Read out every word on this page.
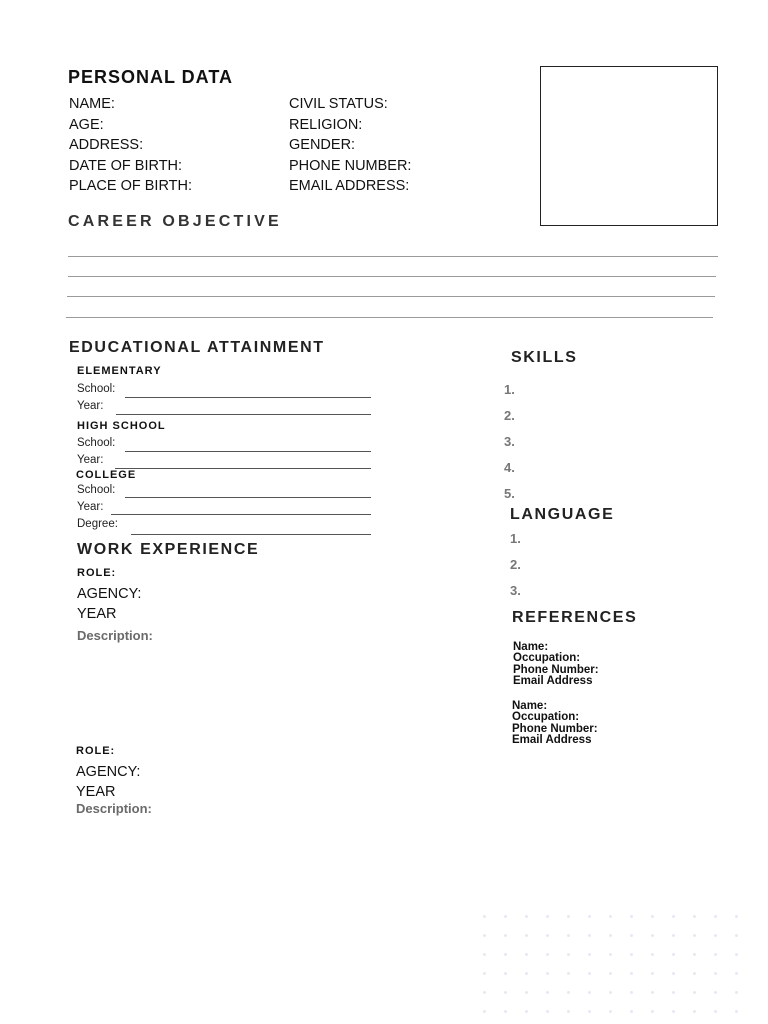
PERSONAL DATA
NAME:
AGE:
ADDRESS:
DATE OF BIRTH:
PLACE OF BIRTH:
CIVIL STATUS:
RELIGION:
GENDER:
PHONE NUMBER:
EMAIL ADDRESS:
CAREER OBJECTIVE
EDUCATIONAL ATTAINMENT
ELEMENTARY
School:
Year:
HIGH SCHOOL
School:
Year:
COLLEGE
School:
Year:
Degree:
WORK EXPERIENCE
ROLE:
AGENCY:
YEAR
Description:
ROLE:
AGENCY:
YEAR
Description:
SKILLS
1.
2.
3.
4.
5.
LANGUAGE
1.
2.
3.
REFERENCES
Name:
Occupation:
Phone Number:
Email Address
Name:
Occupation:
Phone Number:
Email Address
